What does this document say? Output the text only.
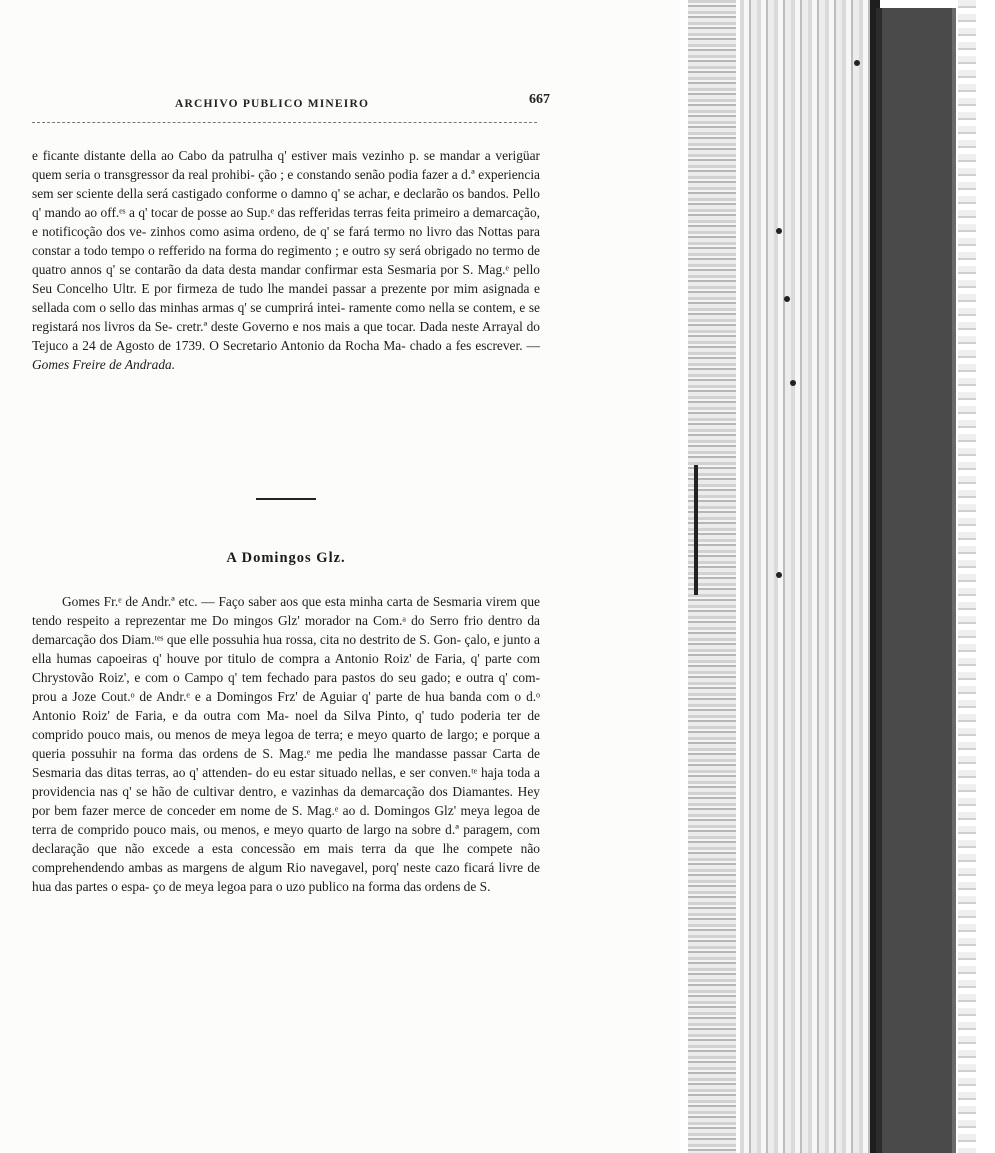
ARCHIVO PUBLICO MINEIRO	667

e ficante distante della ao Cabo da patrulha q' estiver mais vezinho p. se mandar a verigüar quem seria o transgressor da real prohibi- ção ; e constando senão podia fazer a d.ª experiencia sem ser sciente della será castigado conforme o damno q' se achar, e declarão os bandos. Pello q' mando ao off.ᵉˢ a q' tocar de posse ao Sup.ᵉ das refferidas terras feita primeiro a demarcação, e notificoção dos ve- zinhos como asima ordeno, de q' se fará termo no livro das Nottas para constar a todo tempo o refferido na forma do regimento ; e outro sy será obrigado no termo de quatro annos q' se contarão da data desta mandar confirmar esta Sesmaria por S. Mag.ᵉ pello Seu Concelho Ultr. E por firmeza de tudo lhe mandei passar a prezente por mim asignada e sellada com o sello das minhas armas q' se cumprirá intei- ramente como nella se contem, e se registará nos livros da Se- cretr.ª deste Governo e nos mais a que tocar. Dada neste Arrayal do Tejuco a 24 de Agosto de 1739. O Secretario Antonio da Rocha Ma- chado a fes escrever. — Gomes Freire de Andrada.

A Domingos Glz.

Gomes Fr.ᵉ de Andr.ª etc. — Faço saber aos que esta minha carta de Sesmaria virem que tendo respeito a reprezentar me Do mingos Glz' morador na Com.ᵃ do Serro frio dentro da demarcação dos Diam.ᵗᵉˢ que elle possuhia hua rossa, cita no destrito de S. Gon- çalo, e junto a ella humas capoeiras q' houve por titulo de compra a Antonio Roiz' de Faria, q' parte com Chrystovão Roiz', e com o Campo q' tem fechado para pastos do seu gado; e outra q' com- prou a Joze Cout.ᵒ de Andr.ᵉ e a Domingos Frz' de Aguiar q' parte de hua banda com o d.ᵒ Antonio Roiz' de Faria, e da outra com Ma- noel da Silva Pinto, q' tudo poderia ter de comprido pouco mais, ou menos de meya legoa de terra; e meyo quarto de largo; e porque a queria possuhir na forma das ordens de S. Mag.ᵉ me pedia lhe mandasse passar Carta de Sesmaria das ditas terras, ao q' attenden- do eu estar situado nellas, e ser conven.ᵗᵉ haja toda a providencia nas q' se hão de cultivar dentro, e vazinhas da demarcação dos Diamantes. Hey por bem fazer merce de conceder em nome de S. Mag.ᵉ ao d. Domingos Glz' meya legoa de terra de comprido pouco mais, ou menos, e meyo quarto de largo na sobre d.ª paragem, com declaração que não excede a esta concessão em mais terra da que lhe compete não comprehendendo ambas as margens de algum Rio navegavel, porq' neste cazo ficará livre de hua das partes o espa- ço de meya legoa para o uzo publico na forma das ordens de S.
